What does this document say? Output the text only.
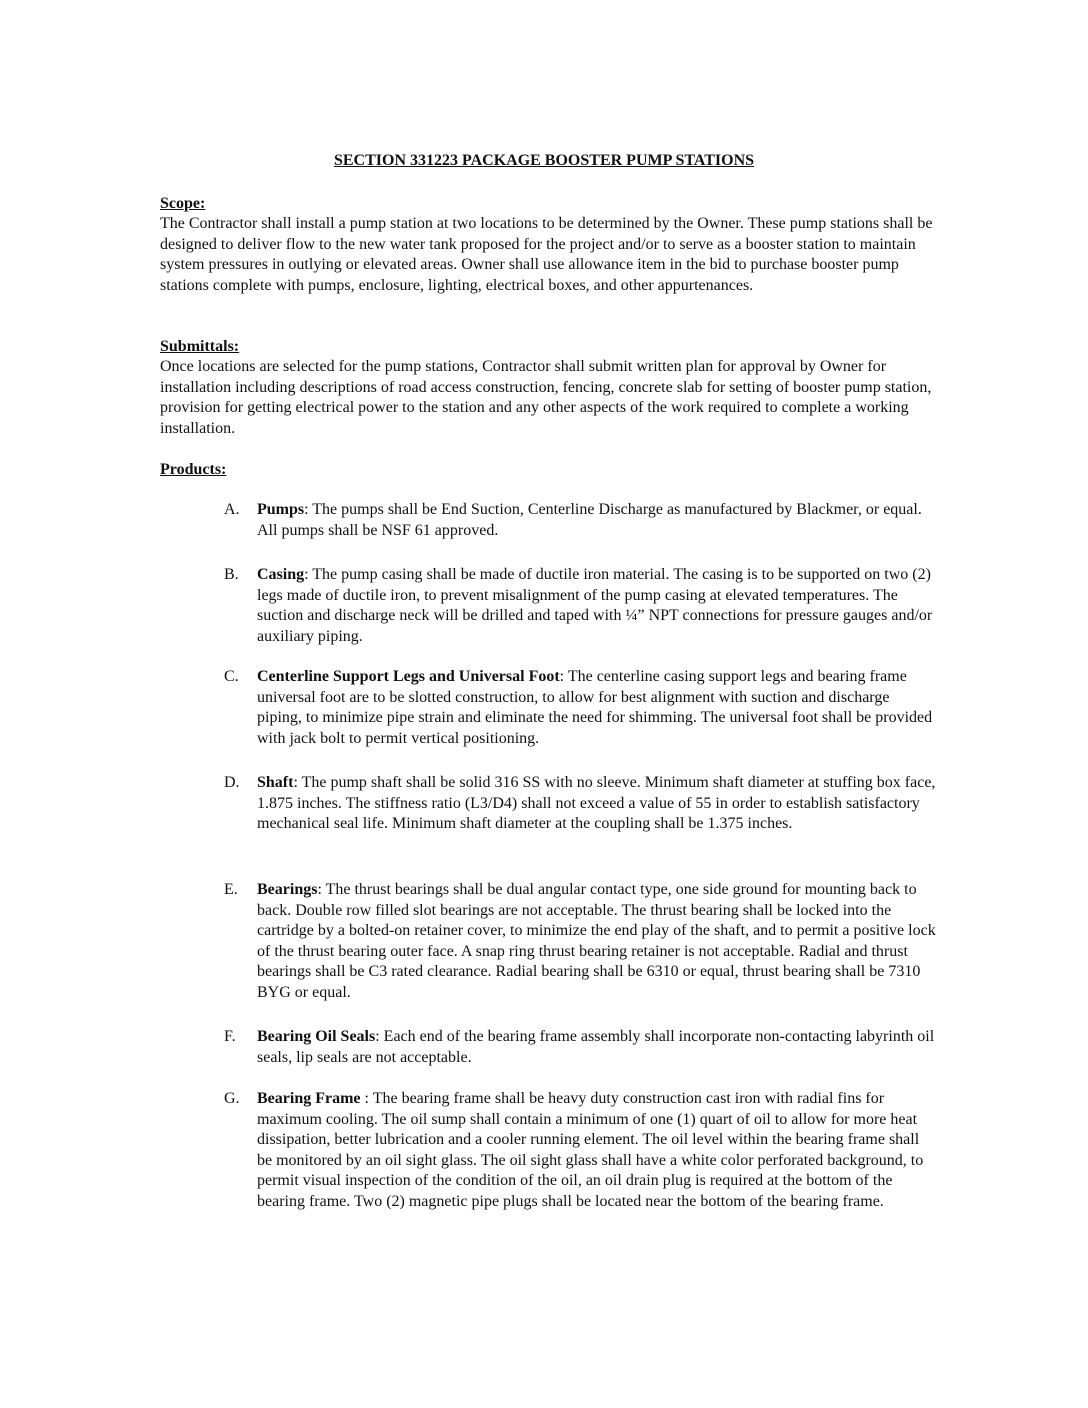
SECTION 331223 PACKAGE BOOSTER PUMP STATIONS

Scope:

The Contractor shall install a pump station at two locations to be determined by the Owner. These pump stations shall be designed to deliver flow to the new water tank proposed for the project and/or to serve as a booster station to maintain system pressures in outlying or elevated areas. Owner shall use allowance item in the bid to purchase booster pump stations complete with pumps, enclosure, lighting, electrical boxes, and other appurtenances.

Submittals:

Once locations are selected for the pump stations, Contractor shall submit written plan for approval by Owner for installation including descriptions of road access construction, fencing, concrete slab for setting of booster pump station, provision for getting electrical power to the station and any other aspects of the work required to complete a working installation.

Products:

A. Pumps: The pumps shall be End Suction, Centerline Discharge as manufactured by Blackmer, or equal. All pumps shall be NSF 61 approved.

B. Casing: The pump casing shall be made of ductile iron material. The casing is to be supported on two (2) legs made of ductile iron, to prevent misalignment of the pump casing at elevated temperatures. The suction and discharge neck will be drilled and taped with ¼” NPT connections for pressure gauges and/or auxiliary piping.

C. Centerline Support Legs and Universal Foot: The centerline casing support legs and bearing frame universal foot are to be slotted construction, to allow for best alignment with suction and discharge piping, to minimize pipe strain and eliminate the need for shimming. The universal foot shall be provided with jack bolt to permit vertical positioning.

D. Shaft: The pump shaft shall be solid 316 SS with no sleeve. Minimum shaft diameter at stuffing box face, 1.875 inches. The stiffness ratio (L3/D4) shall not exceed a value of 55 in order to establish satisfactory mechanical seal life. Minimum shaft diameter at the coupling shall be 1.375 inches.

E. Bearings: The thrust bearings shall be dual angular contact type, one side ground for mounting back to back. Double row filled slot bearings are not acceptable. The thrust bearing shall be locked into the cartridge by a bolted-on retainer cover, to minimize the end play of the shaft, and to permit a positive lock of the thrust bearing outer face. A snap ring thrust bearing retainer is not acceptable. Radial and thrust bearings shall be C3 rated clearance. Radial bearing shall be 6310 or equal, thrust bearing shall be 7310 BYG or equal.

F. Bearing Oil Seals: Each end of the bearing frame assembly shall incorporate non-contacting labyrinth oil seals, lip seals are not acceptable.

G. Bearing Frame : The bearing frame shall be heavy duty construction cast iron with radial fins for maximum cooling. The oil sump shall contain a minimum of one (1) quart of oil to allow for more heat dissipation, better lubrication and a cooler running element. The oil level within the bearing frame shall be monitored by an oil sight glass. The oil sight glass shall have a white color perforated background, to permit visual inspection of the condition of the oil, an oil drain plug is required at the bottom of the bearing frame. Two (2) magnetic pipe plugs shall be located near the bottom of the bearing frame.
